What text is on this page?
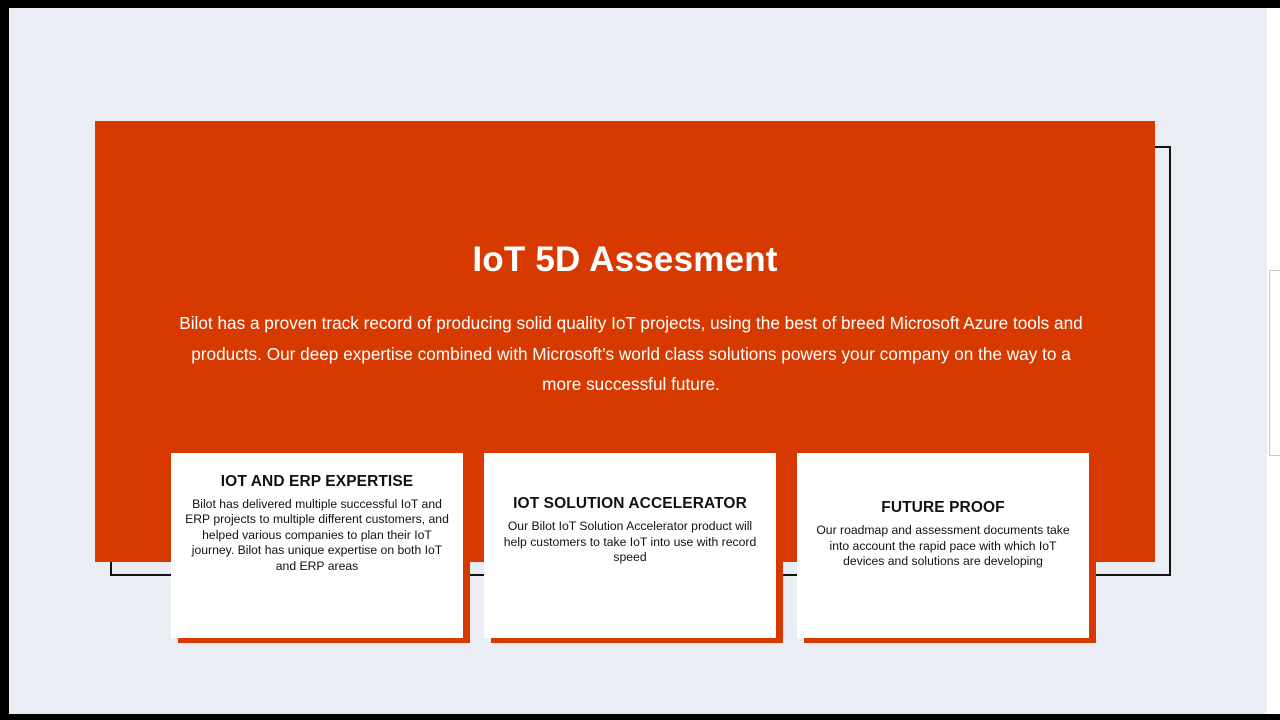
IoT 5D Assesment

Bilot has a proven track record of producing solid quality IoT projects, using the best of breed Microsoft Azure tools and products. Our deep expertise combined with Microsoft’s world class solutions powers your company on the way to a more successful future.

IOT AND ERP EXPERTISE

Bilot has delivered multiple successful IoT and ERP projects to multiple different customers, and helped various companies to plan their IoT journey. Bilot has unique expertise on both IoT and ERP areas

IOT SOLUTION ACCELERATOR

Our Bilot IoT Solution Accelerator product will help customers to take IoT into use with record speed

FUTURE PROOF

Our roadmap and assessment documents take into account the rapid pace with which IoT devices and solutions are developing
